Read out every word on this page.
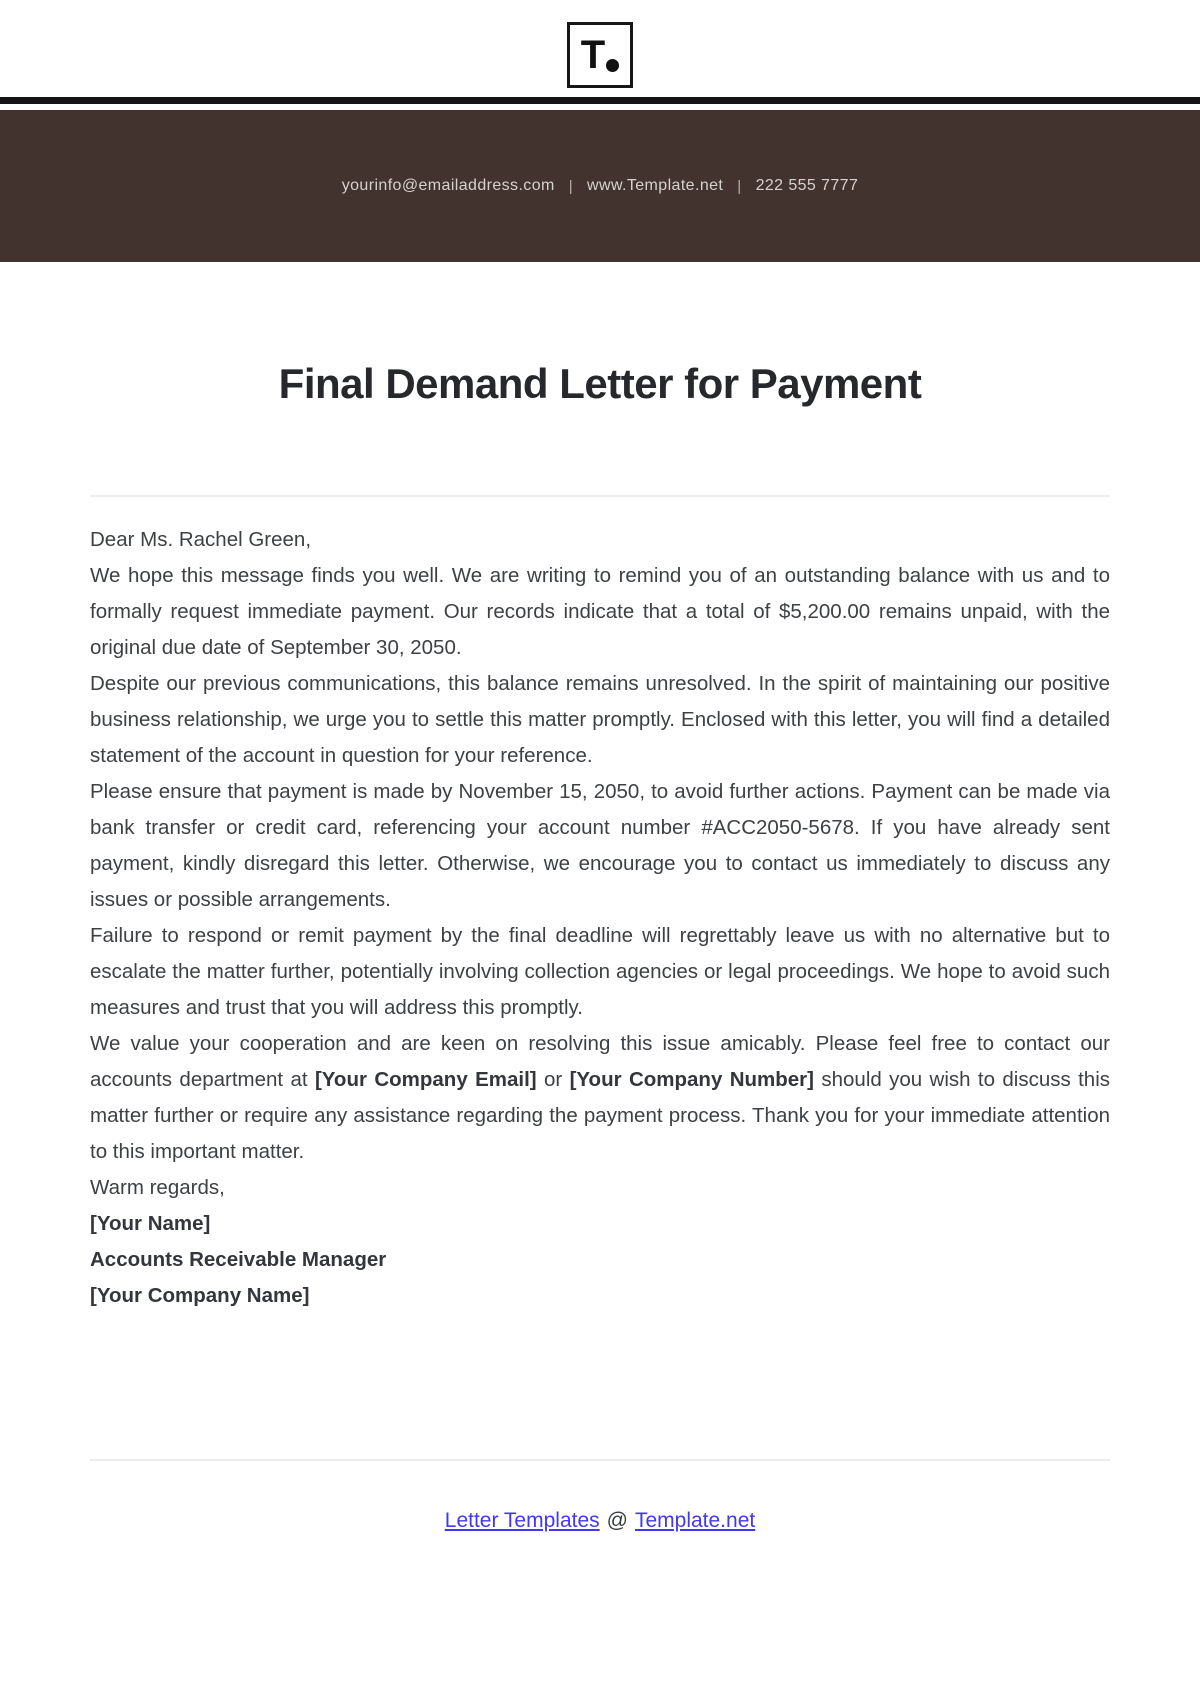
T
yourinfo@emailaddress.com | www.Template.net | 222 555 7777
Final Demand Letter for Payment

Dear Ms. Rachel Green,

We hope this message finds you well. We are writing to remind you of an outstanding balance with us and to formally request immediate payment. Our records indicate that a total of $5,200.00 remains unpaid, with the original due date of September 30, 2050.

Despite our previous communications, this balance remains unresolved. In the spirit of maintaining our positive business relationship, we urge you to settle this matter promptly. Enclosed with this letter, you will find a detailed statement of the account in question for your reference.

Please ensure that payment is made by November 15, 2050, to avoid further actions. Payment can be made via bank transfer or credit card, referencing your account number #ACC2050-5678. If you have already sent payment, kindly disregard this letter. Otherwise, we encourage you to contact us immediately to discuss any issues or possible arrangements.

Failure to respond or remit payment by the final deadline will regrettably leave us with no alternative but to escalate the matter further, potentially involving collection agencies or legal proceedings. We hope to avoid such measures and trust that you will address this promptly.

We value your cooperation and are keen on resolving this issue amicably. Please feel free to contact our accounts department at [Your Company Email] or [Your Company Number] should you wish to discuss this matter further or require any assistance regarding the payment process. Thank you for your immediate attention to this important matter.

Warm regards,

[Your Name]

Accounts Receivable Manager

[Your Company Name]

Letter Templates @ Template.net
